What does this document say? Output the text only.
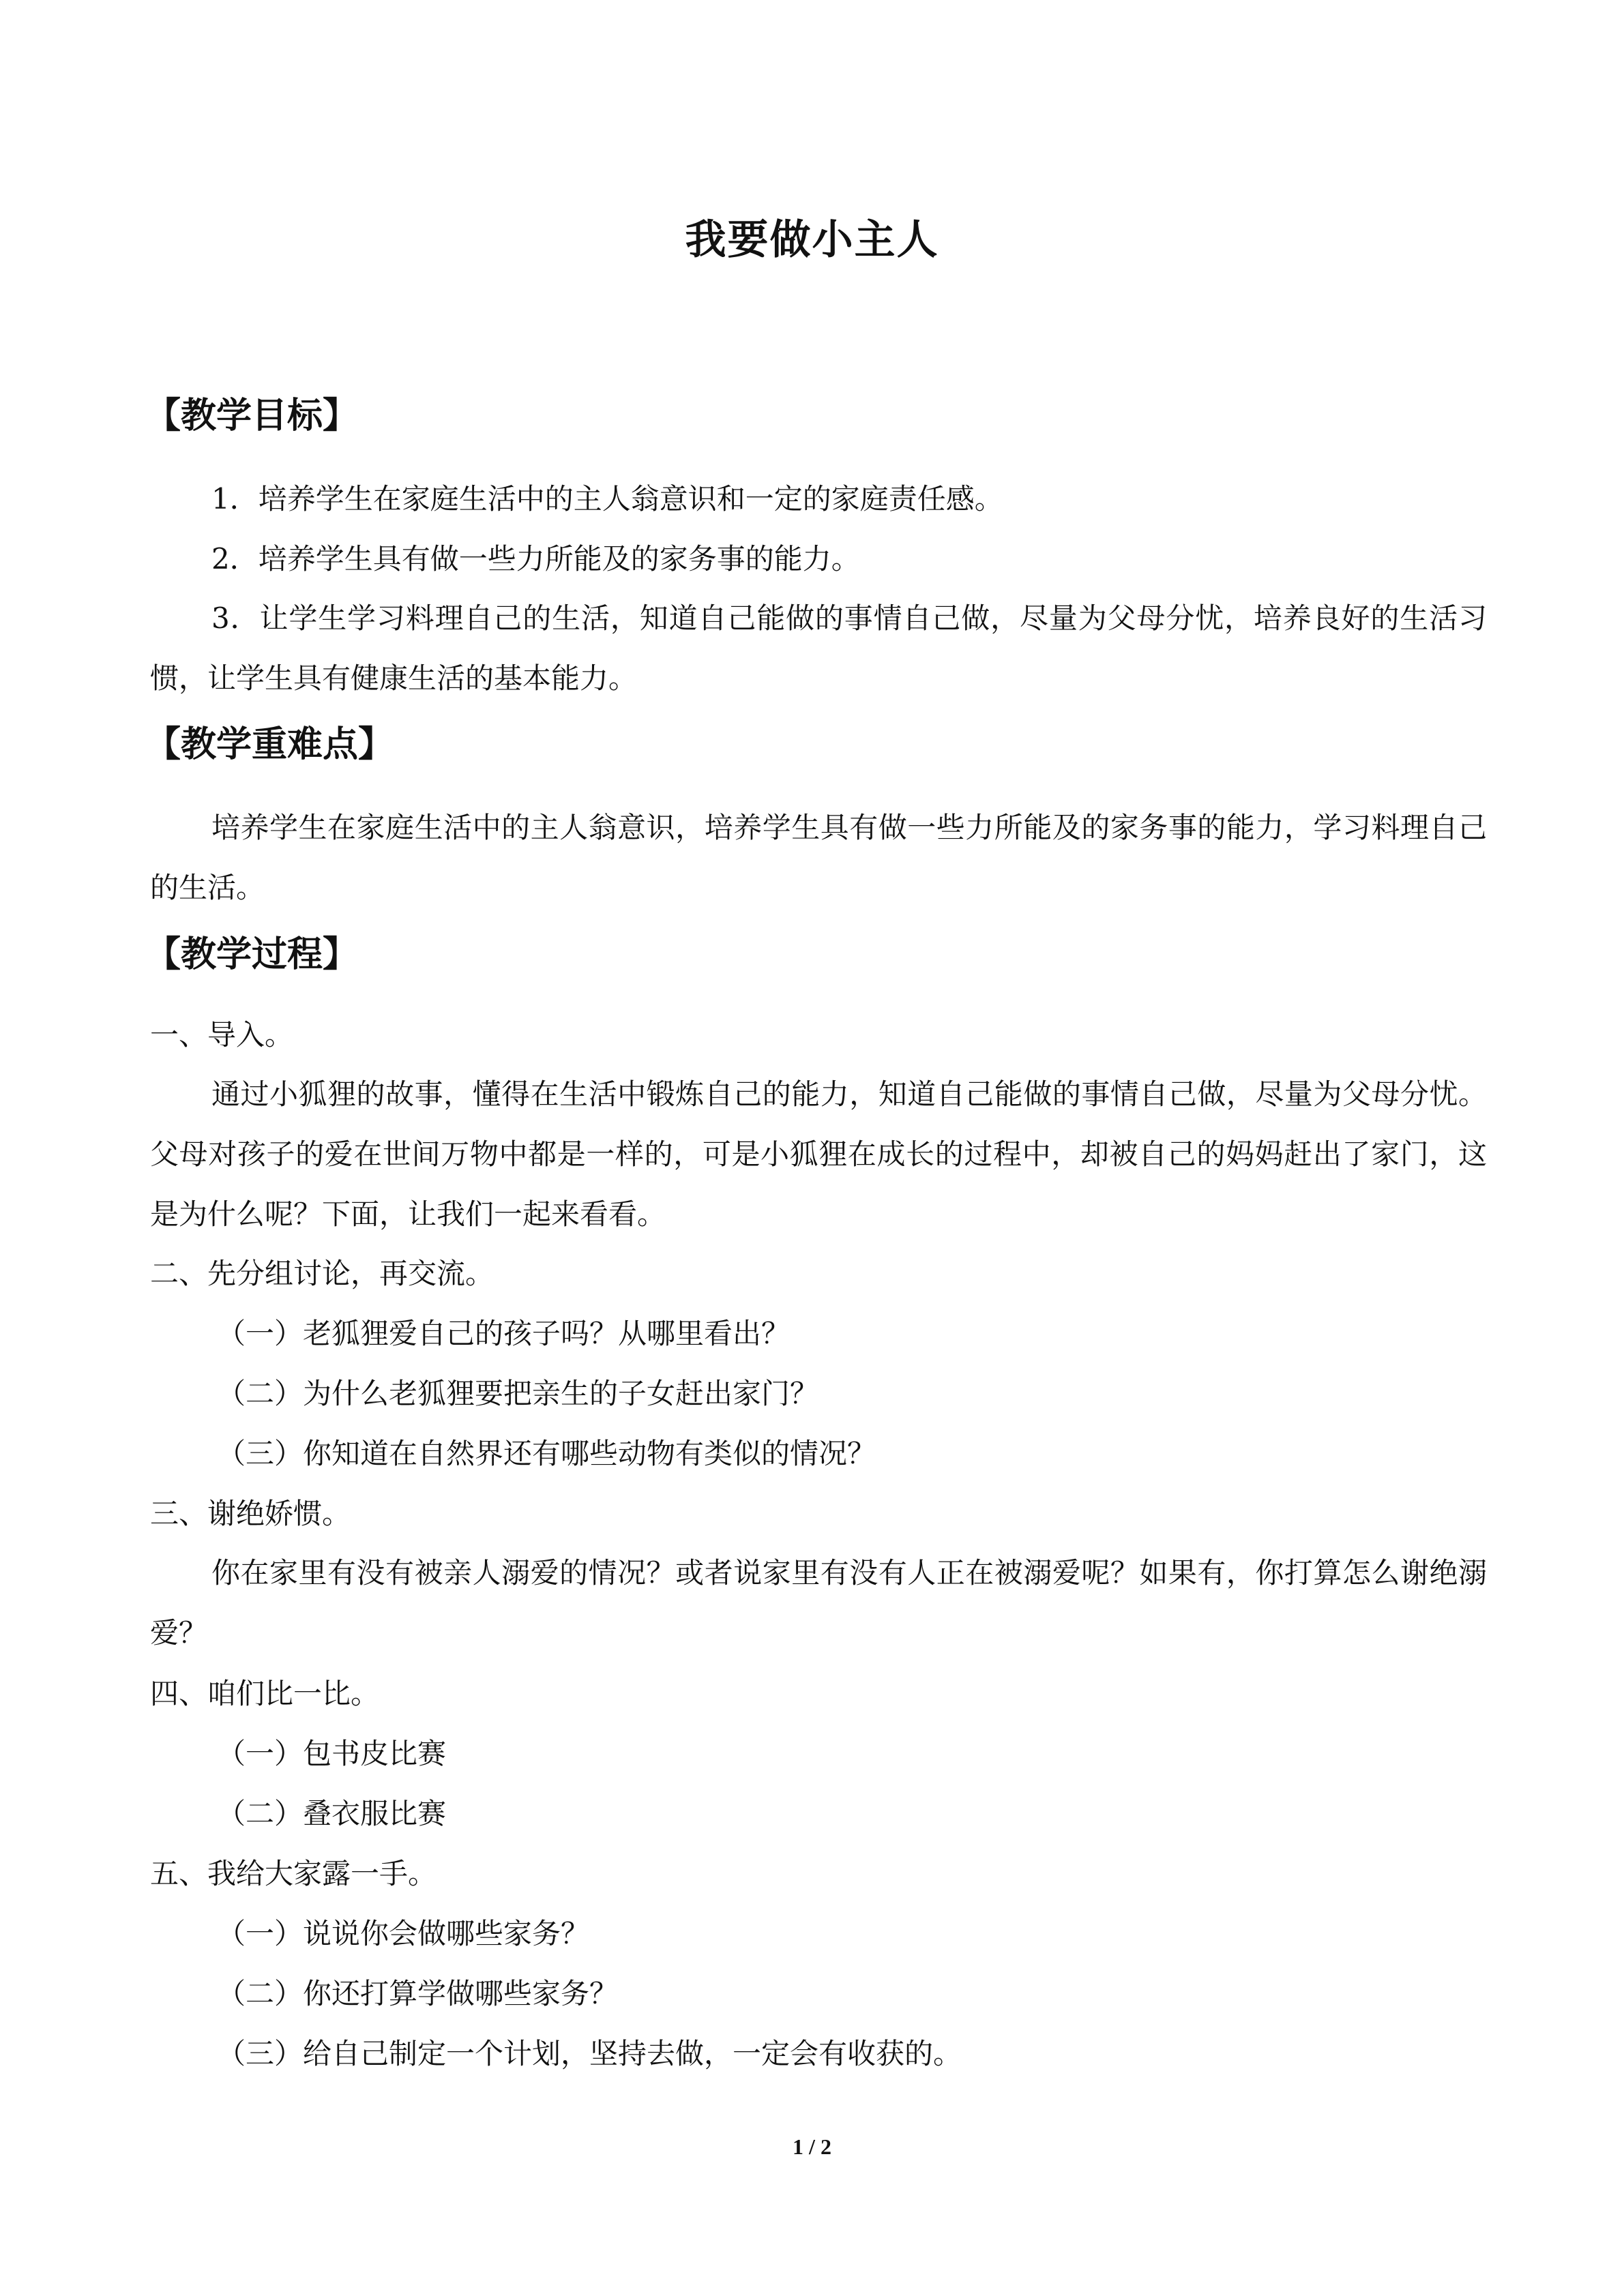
我要做小主人
【教学目标】
1．培养学生在家庭生活中的主人翁意识和一定的家庭责任感。
2．培养学生具有做一些力所能及的家务事的能力。
3．让学生学习料理自己的生活，知道自己能做的事情自己做，尽量为父母分忧，培养良好的生活习惯，让学生具有健康生活的基本能力。
【教学重难点】
培养学生在家庭生活中的主人翁意识，培养学生具有做一些力所能及的家务事的能力，学习料理自己的生活。
【教学过程】
一、导入。
通过小狐狸的故事，懂得在生活中锻炼自己的能力，知道自己能做的事情自己做，尽量为父母分忧。父母对孩子的爱在世间万物中都是一样的，可是小狐狸在成长的过程中，却被自己的妈妈赶出了家门，这是为什么呢？下面，让我们一起来看看。
二、先分组讨论，再交流。
（一）老狐狸爱自己的孩子吗？从哪里看出？
（二）为什么老狐狸要把亲生的子女赶出家门？
（三）你知道在自然界还有哪些动物有类似的情况？
三、谢绝娇惯。
你在家里有没有被亲人溺爱的情况？或者说家里有没有人正在被溺爱呢？如果有，你打算怎么谢绝溺爱？
四、咱们比一比。
（一）包书皮比赛
（二）叠衣服比赛
五、我给大家露一手。
（一）说说你会做哪些家务？
（二）你还打算学做哪些家务？
（三）给自己制定一个计划，坚持去做，一定会有收获的。
1 / 2
